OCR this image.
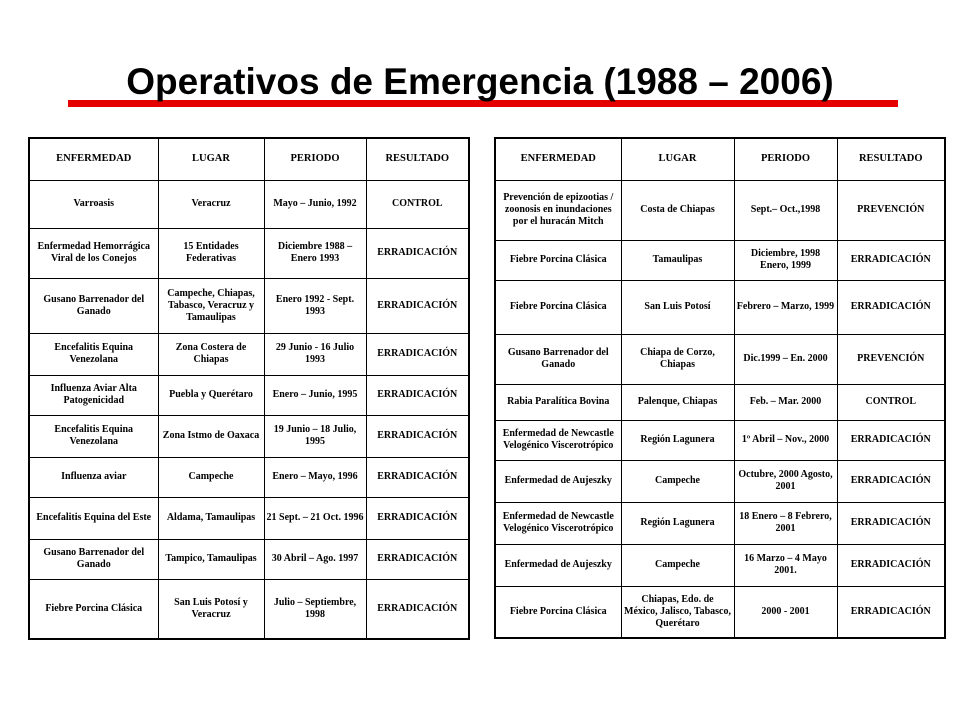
Operativos de Emergencia (1988 – 2006)
ENFERMEDAD	LUGAR	PERIODO	RESULTADO
Varroasis	Veracruz	Mayo – Junio, 1992	CONTROL
Enfermedad Hemorrágica Viral de los Conejos	15 Entidades Federativas	Diciembre 1988 – Enero 1993	ERRADICACIÓN
Gusano Barrenador del Ganado	Campeche, Chiapas, Tabasco, Veracruz y Tamaulipas	Enero 1992 - Sept. 1993	ERRADICACIÓN
Encefalitis Equina Venezolana	Zona Costera de Chiapas	29 Junio - 16 Julio 1993	ERRADICACIÓN
Influenza Aviar Alta Patogenicidad	Puebla y Querétaro	Enero – Junio, 1995	ERRADICACIÓN
Encefalitis Equina Venezolana	Zona Istmo de Oaxaca	19 Junio – 18 Julio, 1995	ERRADICACIÓN
Influenza aviar	Campeche	Enero – Mayo, 1996	ERRADICACIÓN
Encefalitis Equina del Este	Aldama, Tamaulipas	21 Sept. – 21 Oct. 1996	ERRADICACIÓN
Gusano Barrenador del Ganado	Tampico, Tamaulipas	30 Abril – Ago. 1997	ERRADICACIÓN
Fiebre Porcina Clásica	San Luis Potosí y Veracruz	Julio – Septiembre, 1998	ERRADICACIÓN
ENFERMEDAD	LUGAR	PERIODO	RESULTADO
Prevención de epizootias / zoonosis en inundaciones por el huracán Mitch	Costa de Chiapas	Sept.– Oct.,1998	PREVENCIÓN
Fiebre Porcina Clásica	Tamaulipas	Diciembre, 1998 Enero, 1999	ERRADICACIÓN
Fiebre Porcina Clásica	San Luis Potosí	Febrero – Marzo, 1999	ERRADICACIÓN
Gusano Barrenador del Ganado	Chiapa de Corzo, Chiapas	Dic.1999 – En. 2000	PREVENCIÓN
Rabia Paralítica Bovina	Palenque, Chiapas	Feb. – Mar. 2000	CONTROL
Enfermedad de Newcastle Velogénico Viscerotrópico	Región Lagunera	1º Abril – Nov., 2000	ERRADICACIÓN
Enfermedad de Aujeszky	Campeche	Octubre, 2000 Agosto, 2001	ERRADICACIÓN
Enfermedad de Newcastle Velogénico Viscerotrópico	Región Lagunera	18 Enero – 8 Febrero, 2001	ERRADICACIÓN
Enfermedad de Aujeszky	Campeche	16 Marzo – 4 Mayo 2001.	ERRADICACIÓN
Fiebre Porcina Clásica	Chiapas, Edo. de México, Jalisco, Tabasco, Querétaro	2000 - 2001	ERRADICACIÓN
